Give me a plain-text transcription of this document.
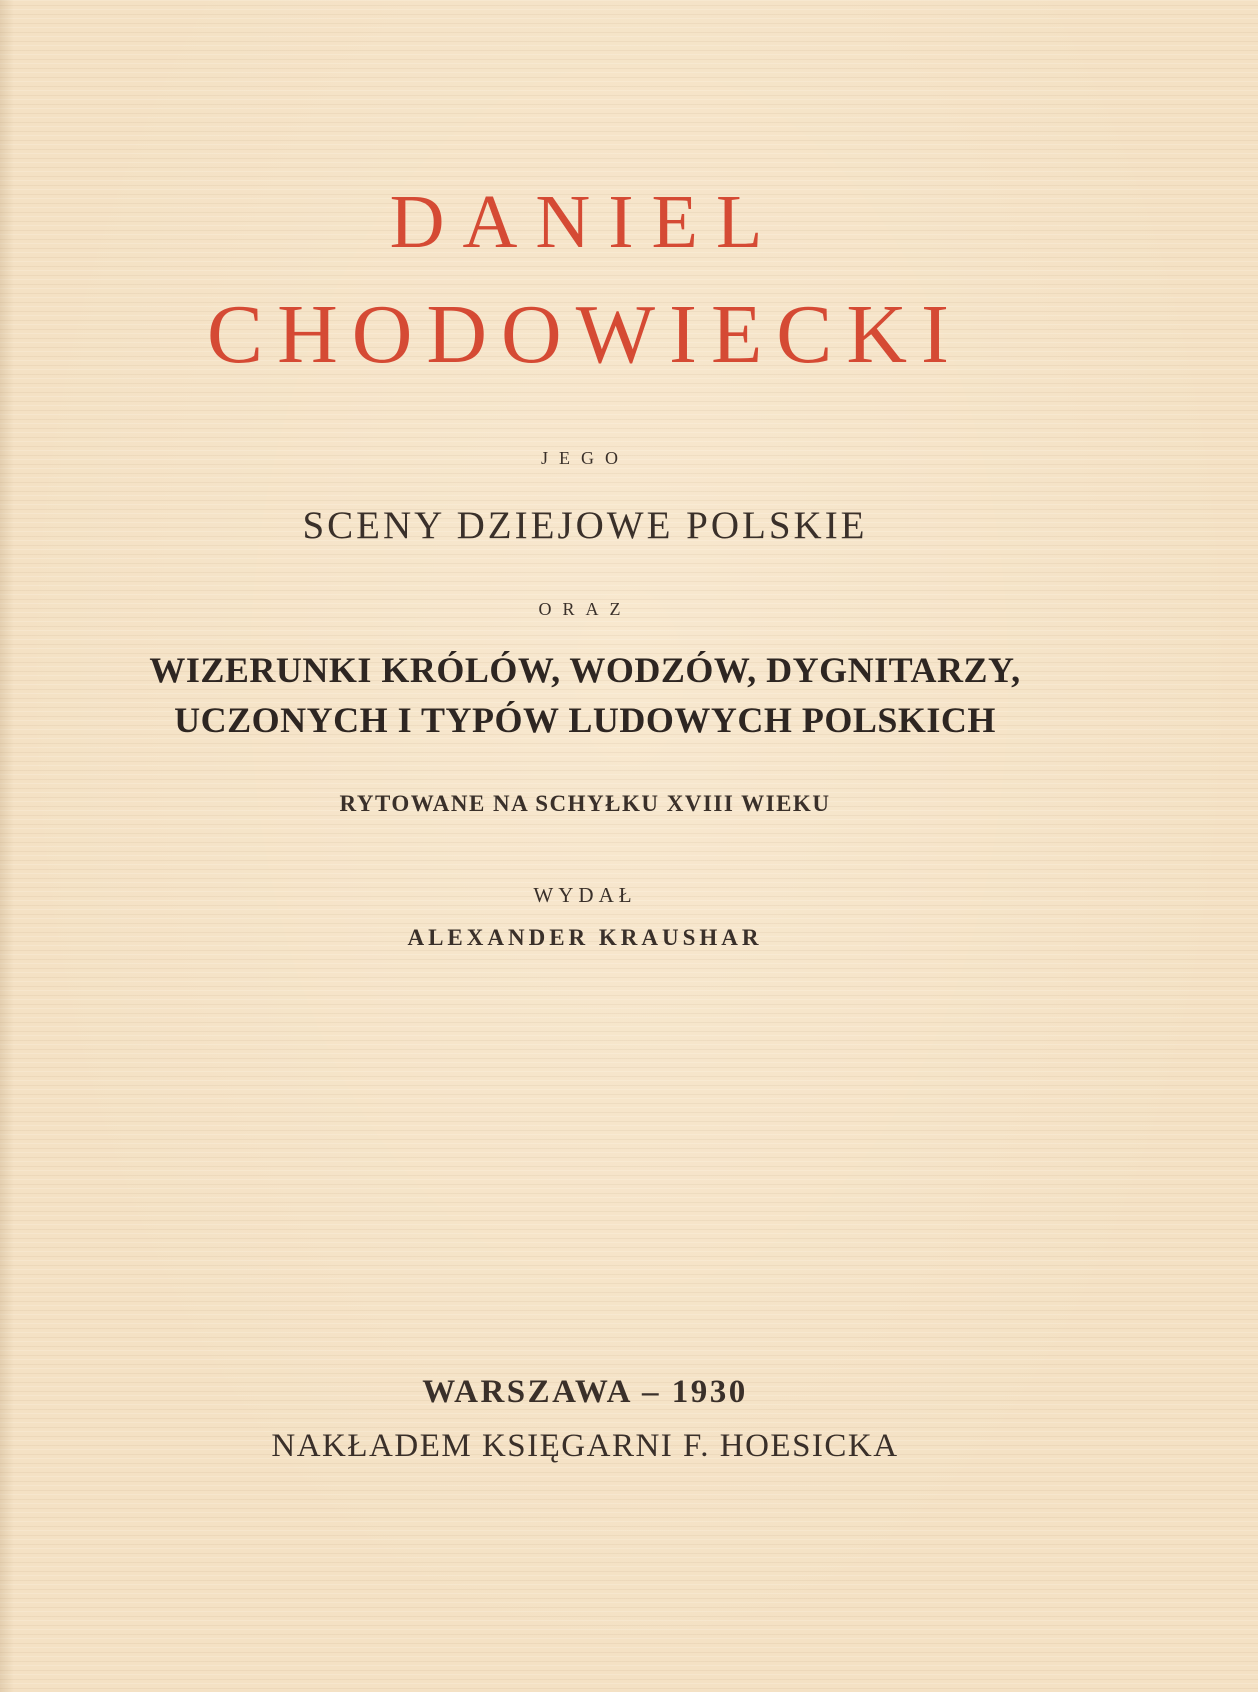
DANIEL
CHODOWIECKI
JEGO
SCENY DZIEJOWE POLSKIE
ORAZ
WIZERUNKI KRÓLÓW, WODZÓW, DYGNITARZY,
UCZONYCH I TYPÓW LUDOWYCH POLSKICH
RYTOWANE NA SCHYŁKU XVIII WIEKU
WYDAŁ
ALEXANDER KRAUSHAR
WARSZAWA – 1930
NAKŁADEM KSIĘGARNI F. HOESICKA
